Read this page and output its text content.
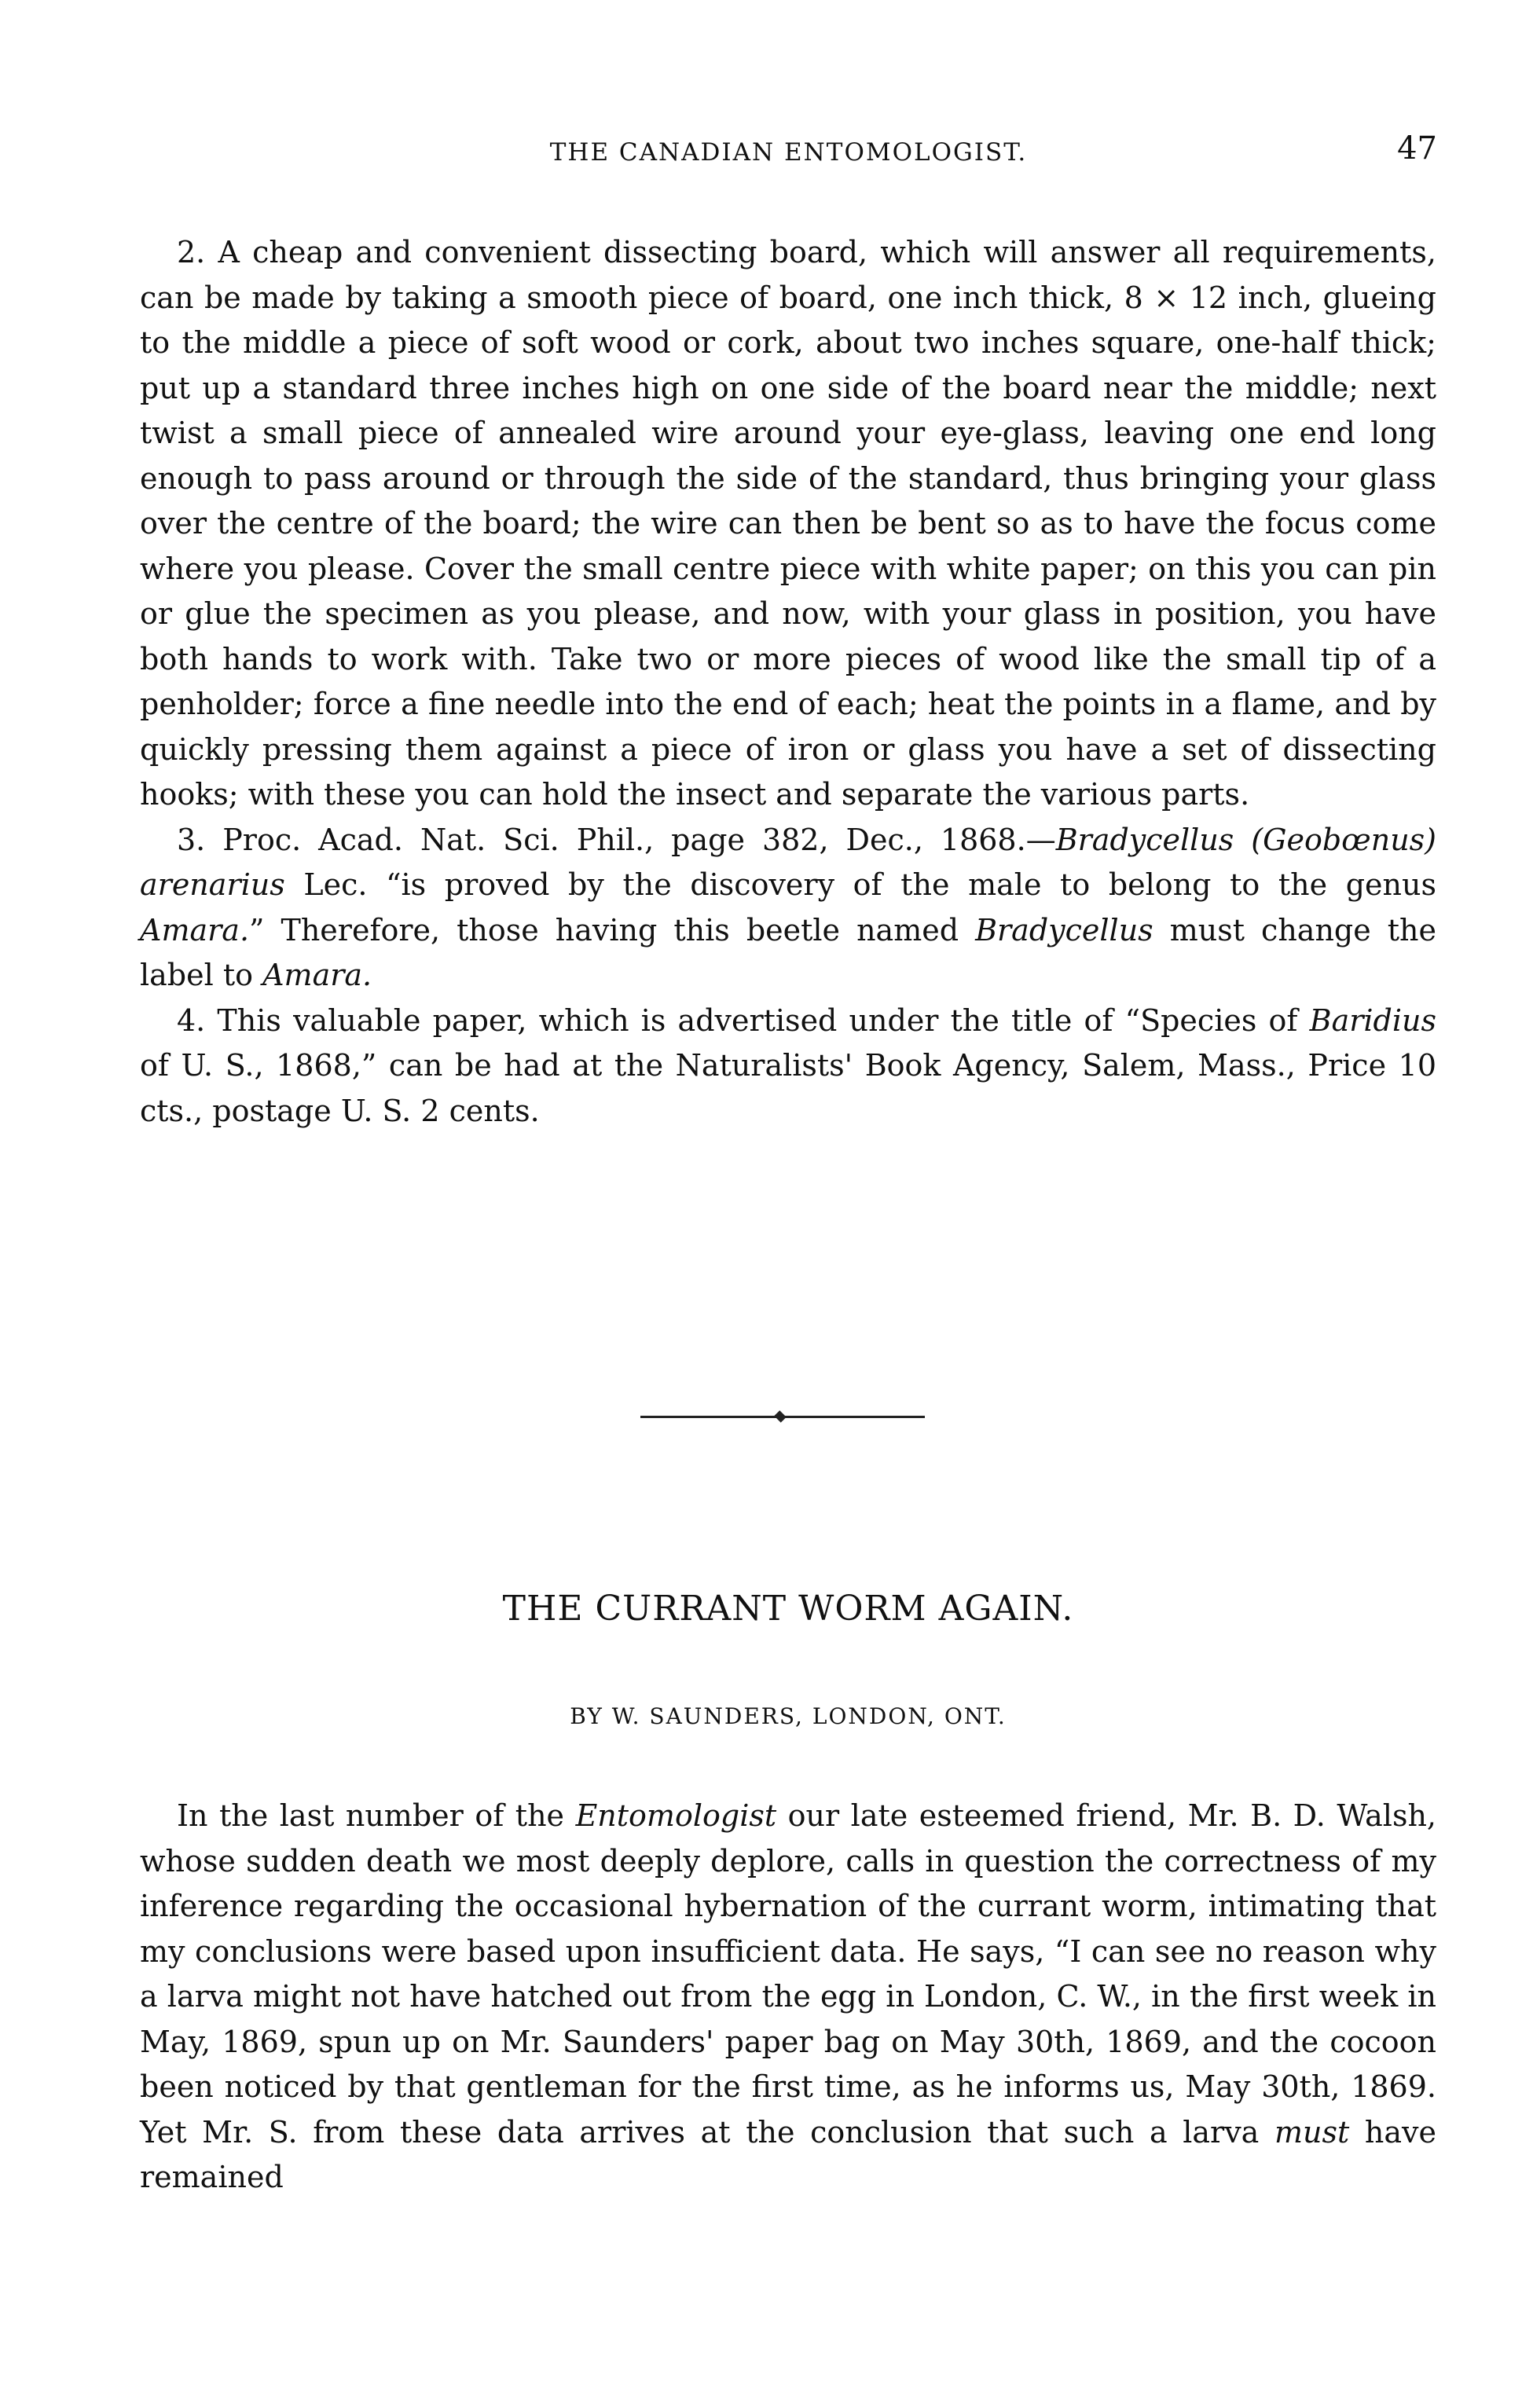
THE CANADIAN ENTOMOLOGIST.	47

2. A cheap and convenient dissecting board, which will answer all requirements, can be made by taking a smooth piece of board, one inch thick, 8 × 12 inch, glueing to the middle a piece of soft wood or cork, about two inches square, one-half thick; put up a standard three inches high on one side of the board near the middle; next twist a small piece of annealed wire around your eye-glass, leaving one end long enough to pass around or through the side of the standard, thus bringing your glass over the centre of the board; the wire can then be bent so as to have the focus come where you please. Cover the small centre piece with white paper; on this you can pin or glue the specimen as you please, and now, with your glass in position, you have both hands to work with. Take two or more pieces of wood like the small tip of a penholder; force a fine needle into the end of each; heat the points in a flame, and by quickly pressing them against a piece of iron or glass you have a set of dissecting hooks; with these you can hold the insect and separate the various parts.

3. Proc. Acad. Nat. Sci. Phil., page 382, Dec., 1868.—Bradycellus (Geobœnus) arenarius Lec. “is proved by the discovery of the male to belong to the genus Amara.” Therefore, those having this beetle named Bradycellus must change the label to Amara.

4. This valuable paper, which is advertised under the title of “Species of Baridius of U. S., 1868,” can be had at the Naturalists' Book Agency, Salem, Mass., Price 10 cts., postage U. S. 2 cents.

THE CURRANT WORM AGAIN.
BY W. SAUNDERS, LONDON, ONT.

In the last number of the Entomologist our late esteemed friend, Mr. B. D. Walsh, whose sudden death we most deeply deplore, calls in question the correctness of my inference regarding the occasional hybernation of the currant worm, intimating that my conclusions were based upon insufficient data. He says, “I can see no reason why a larva might not have hatched out from the egg in London, C. W., in the first week in May, 1869, spun up on Mr. Saunders' paper bag on May 30th, 1869, and the cocoon been noticed by that gentleman for the first time, as he informs us, May 30th, 1869. Yet Mr. S. from these data arrives at the conclusion that such a larva must have remained
